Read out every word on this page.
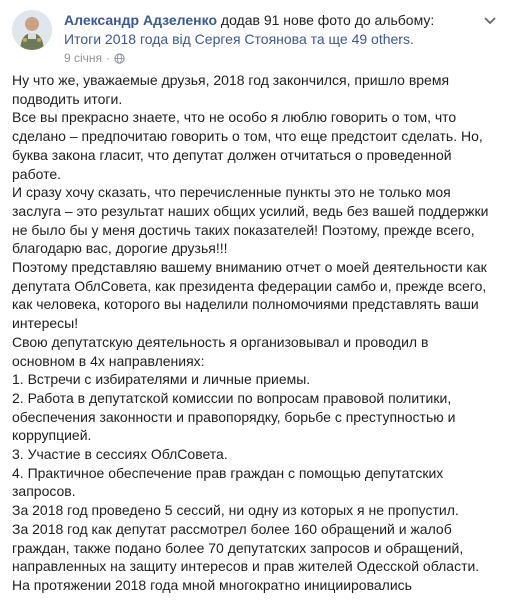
Александр Адзеленко додав 91 нове фото до альбому: Итоги 2018 года від Сергея Стоянова та ще 49 others.
9 січня ·

Ну что же, уважаемые друзья, 2018 год закончился, пришло время подводить итоги.

Все вы прекрасно знаете, что не особо я люблю говорить о том, что сделано – предпочитаю говорить о том, что еще предстоит сделать. Но, буква закона гласит, что депутат должен отчитаться о проведенной работе.

И сразу хочу сказать, что перечисленные пункты это не только моя заслуга – это результат наших общих усилий, ведь без вашей поддержки не было бы у меня достичь таких показателей! Поэтому, прежде всего, благодарю вас, дорогие друзья!!!

Поэтому представляю вашему вниманию отчет о моей деятельности как депутата ОблСовета, как президента федерации самбо и, прежде всего, как человека, которого вы наделили полномочиями представлять ваши интересы!

Свою депутатскую деятельность я организовывал и проводил в основном в 4х направлениях:

1. Встречи с избирателями и личные приемы.

2. Работа в депутатской комиссии по вопросам правовой политики, обеспечения законности и правопорядку, борьбе с преступностью и коррупцией.

3. Участие в сессиях ОблСовета.

4. Практичное обеспечение прав граждан с помощью депутатских запросов.

За 2018 год проведено 5 сессий, ни одну из которых я не пропустил.

За 2018 год как депутат рассмотрел более 160 обращений и жалоб граждан, также подано более 70 депутатских запросов и обращений, направленных на защиту интересов и прав жителей Одесской области.

На протяжении 2018 года мной многократно инициировались
